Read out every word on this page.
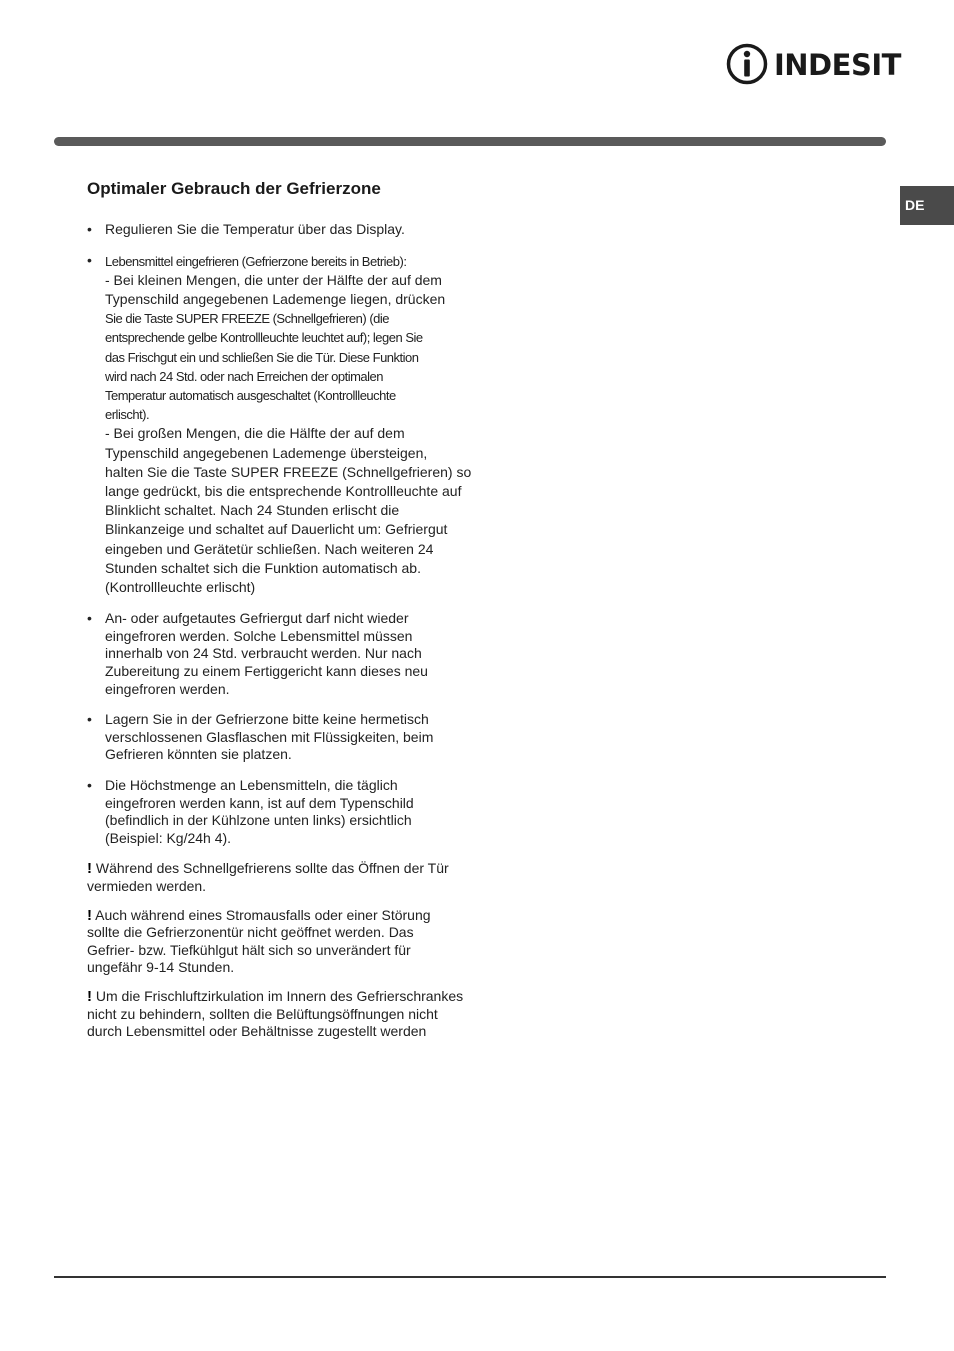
INDESIT
DE
Optimaler Gebrauch der Gefrierzone
• Regulieren Sie die Temperatur über das Display.
• Lebensmittel eingefrieren (Gefrierzone bereits in Betrieb):
- Bei kleinen Mengen, die unter der Hälfte der auf dem
Typenschild angegebenen Lademenge liegen, drücken
Sie die Taste SUPER FREEZE (Schnellgefrieren) (die
entsprechende gelbe Kontrollleuchte leuchtet auf); legen Sie
das Frischgut ein und schließen Sie die Tür. Diese Funktion
wird nach 24 Std. oder nach Erreichen der optimalen
Temperatur automatisch ausgeschaltet (Kontrollleuchte
erlischt).
- Bei großen Mengen, die die Hälfte der auf dem
Typenschild angegebenen Lademenge übersteigen,
halten Sie die Taste SUPER FREEZE (Schnellgefrieren) so
lange gedrückt, bis die entsprechende Kontrollleuchte auf
Blinklicht schaltet. Nach 24 Stunden erlischt die
Blinkanzeige und schaltet auf Dauerlicht um: Gefriergut
eingeben und Gerätetür schließen. Nach weiteren 24
Stunden schaltet sich die Funktion automatisch ab.
(Kontrollleuchte erlischt)
• An- oder aufgetautes Gefriergut darf nicht wieder
eingefroren werden. Solche Lebensmittel müssen
innerhalb von 24 Std. verbraucht werden. Nur nach
Zubereitung zu einem Fertiggericht kann dieses neu
eingefroren werden.
• Lagern Sie in der Gefrierzone bitte keine hermetisch
verschlossenen Glasflaschen mit Flüssigkeiten, beim
Gefrieren könnten sie platzen.
• Die Höchstmenge an Lebensmitteln, die täglich
eingefroren werden kann, ist auf dem Typenschild
(befindlich in der Kühlzone unten links) ersichtlich
(Beispiel: Kg/24h 4).
! Während des Schnellgefrierens sollte das Öffnen der Tür
vermieden werden.
! Auch während eines Stromausfalls oder einer Störung
sollte die Gefrierzonentür nicht geöffnet werden. Das
Gefrier- bzw. Tiefkühlgut hält sich so unverändert für
ungefähr 9-14 Stunden.
! Um die Frischluftzirkulation im Innern des Gefrierschrankes
nicht zu behindern, sollten die Belüftungsöffnungen nicht
durch Lebensmittel oder Behältnisse zugestellt werden
